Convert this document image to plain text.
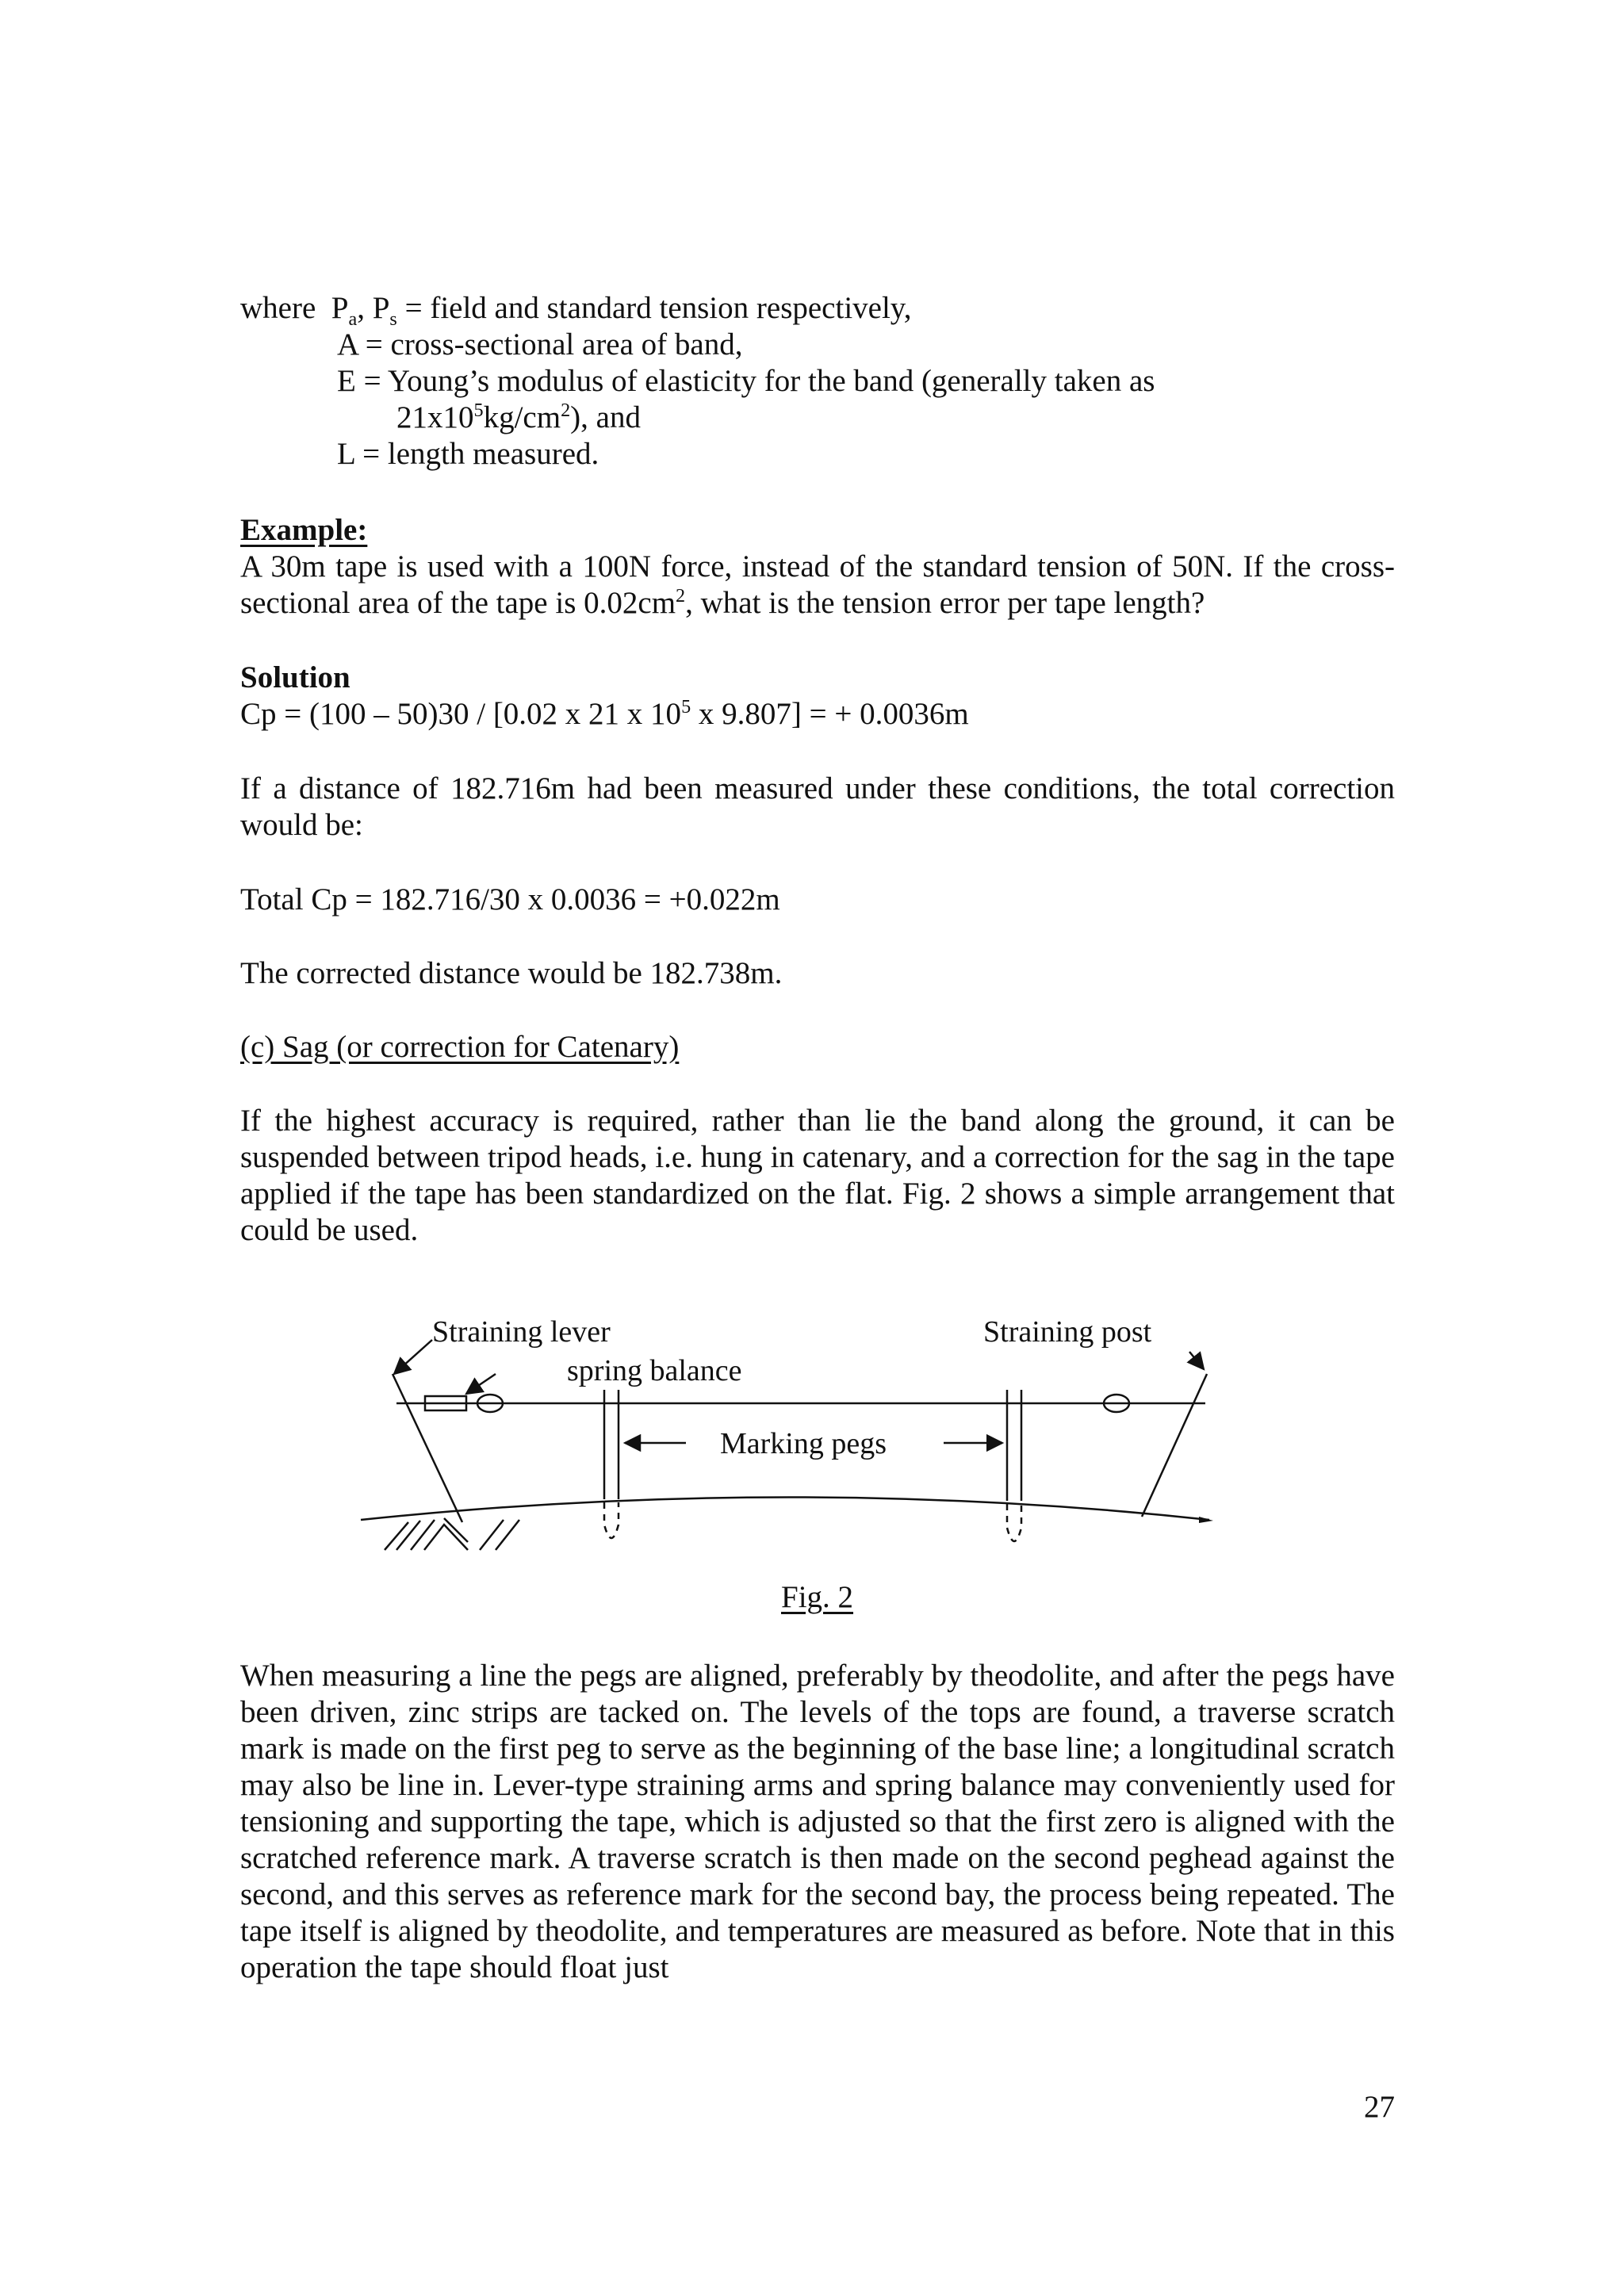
where $P_a$, $P_s$ = field and standard tension respectively,
A = cross-sectional area of band,
E = Young’s modulus of elasticity for the band (generally taken as
$21x10^5kg/cm^2$), and
L = length measured.
Example:

A 30m tape is used with a 100N force, instead of the standard tension of 50N. If the cross-sectional area of the tape is $0.02cm^2$, what is the tension error per tape length?

Solution
Cp = (100 – 50)30 / [0.02 x 21 x $10^5$ x 9.807] = + 0.0036m

If a distance of 182.716m had been measured under these conditions, the total correction would be:

Total Cp = 182.716/30 x 0.0036 = +0.022m
The corrected distance would be 182.738m.
(c) Sag (or correction for Catenary)

If the highest accuracy is required, rather than lie the band along the ground, it can be suspended between tripod heads, i.e. hung in catenary, and a correction for the sag in the tape applied if the tape has been standardized on the flat. Fig. 2 shows a simple arrangement that could be used.

Straining lever
spring balance
Straining post
Marking pegs
Fig. 2

When measuring a line the pegs are aligned, preferably by theodolite, and after the pegs have been driven, zinc strips are tacked on. The levels of the tops are found, a traverse scratch mark is made on the first peg to serve as the beginning of the base line; a longitudinal scratch may also be line in. Lever-type straining arms and spring balance may conveniently used for tensioning and supporting the tape, which is adjusted so that the first zero is aligned with the scratched reference mark. A traverse scratch is then made on the second peghead against the second, and this serves as reference mark for the second bay, the process being repeated. The tape itself is aligned by theodolite, and temperatures are measured as before. Note that in this operation the tape should float just

27
